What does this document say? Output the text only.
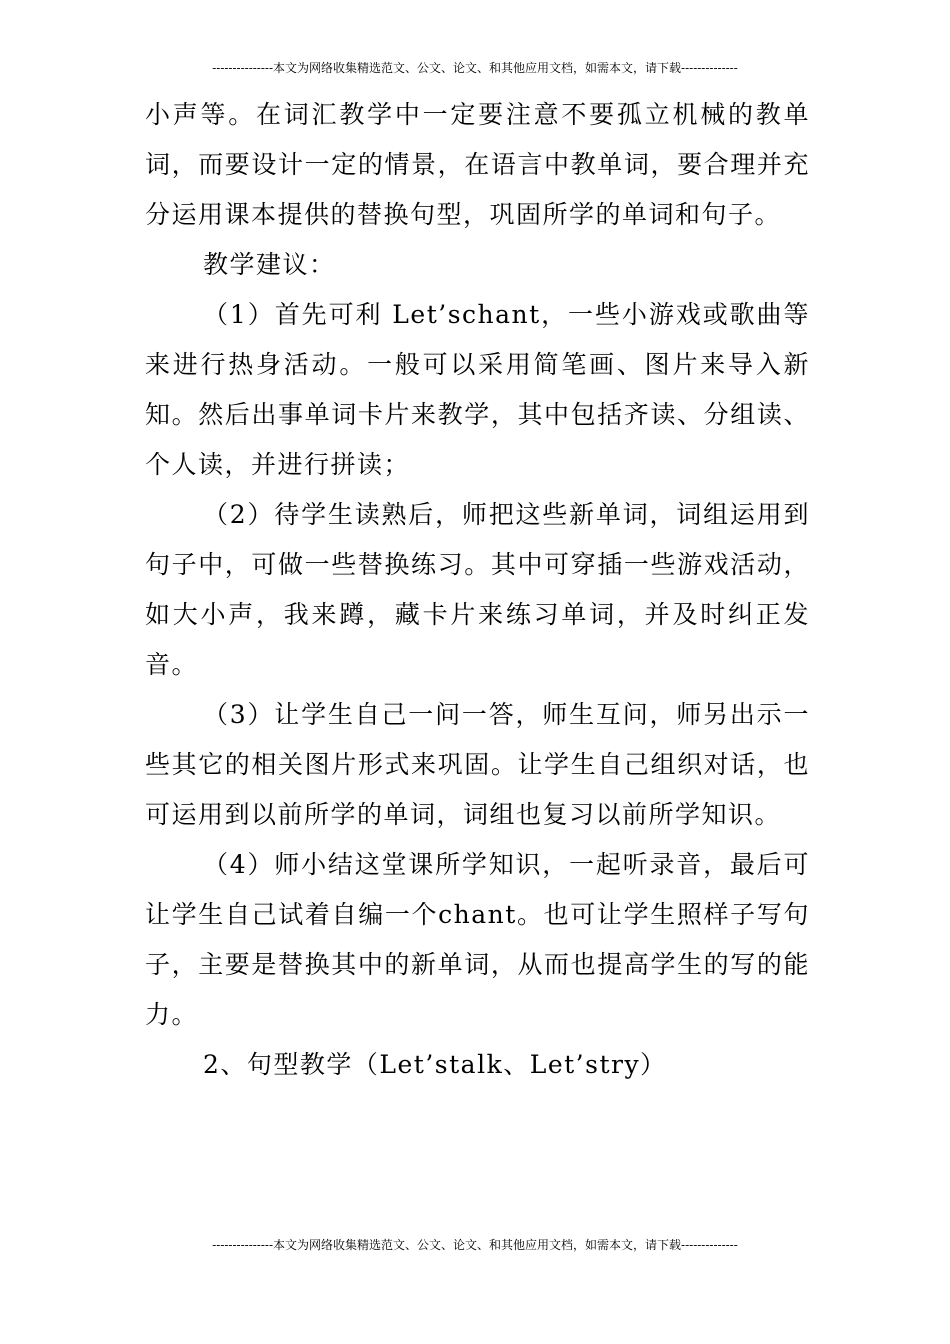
---------------本文为网络收集精选范文、公文、论文、和其他应用文档，如需本文，请下载--------------

小声等。在词汇教学中一定要注意不要孤立机械的教单词，而要设计一定的情景，在语言中教单词，要合理并充分运用课本提供的替换句型，巩固所学的单词和句子。

教学建议：

（1）首先可利 Let’schant，一些小游戏或歌曲等来进行热身活动。一般可以采用简笔画、图片来导入新知。然后出事单词卡片来教学，其中包括齐读、分组读、个人读，并进行拼读；

（2）待学生读熟后，师把这些新单词，词组运用到句子中，可做一些替换练习。其中可穿插一些游戏活动，如大小声，我来蹲，藏卡片来练习单词，并及时纠正发音。

（3）让学生自己一问一答，师生互问，师另出示一些其它的相关图片形式来巩固。让学生自己组织对话，也可运用到以前所学的单词，词组也复习以前所学知识。

（4）师小结这堂课所学知识，一起听录音，最后可让学生自己试着自编一个chant。也可让学生照样子写句子，主要是替换其中的新单词，从而也提高学生的写的能力。

2、句型教学（Let’stalk、Let’stry）

---------------本文为网络收集精选范文、公文、论文、和其他应用文档，如需本文，请下载--------------
